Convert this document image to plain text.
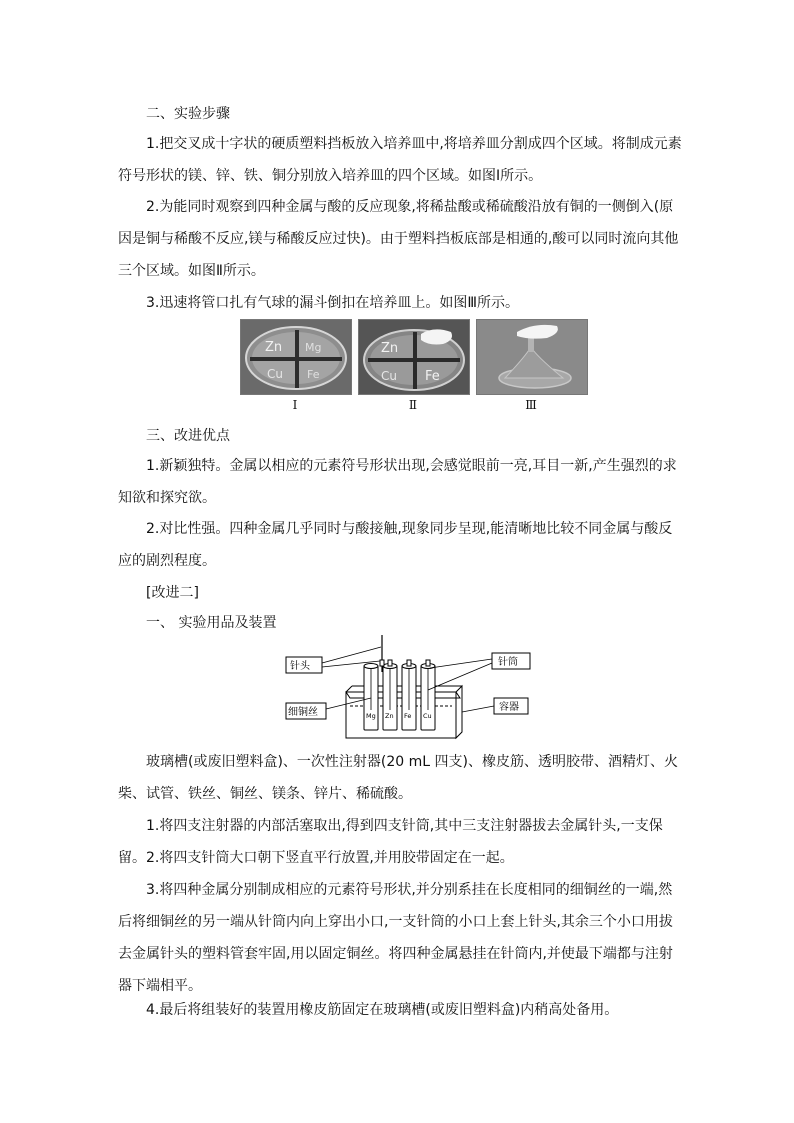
二、实验步骤

1.把交叉成十字状的硬质塑料挡板放入培养皿中,将培养皿分割成四个区域。将制成元素符号形状的镁、锌、铁、铜分别放入培养皿的四个区域。如图Ⅰ所示。

2.为能同时观察到四种金属与酸的反应现象,将稀盐酸或稀硫酸沿放有铜的一侧倒入(原因是铜与稀酸不反应,镁与稀酸反应过快)。由于塑料挡板底部是相通的,酸可以同时流向其他三个区域。如图Ⅱ所示。

3.迅速将管口扎有气球的漏斗倒扣在培养皿上。如图Ⅲ所示。

Zn
Cu
Mg
Fe
Ⅰ
Zn
Cu Fe
Ⅱ	Ⅲ

三、改进优点

1.新颖独特。金属以相应的元素符号形状出现,会感觉眼前一亮,耳目一新,产生强烈的求知欲和探究欲。

2.对比性强。四种金属几乎同时与酸接触,现象同步呈现,能清晰地比较不同金属与酸反应的剧烈程度。

[改进二]

一、 实验用品及装置

Mg Zn Fe Cu
针头	针筒
细铜丝	容器

玻璃槽(或废旧塑料盒)、一次性注射器(20 mL 四支)、橡皮筋、透明胶带、酒精灯、火柴、试管、铁丝、铜丝、镁条、锌片、稀硫酸。

1.将四支注射器的内部活塞取出,得到四支针筒,其中三支注射器拔去金属针头,一支保留。 2.将四支针筒大口朝下竖直平行放置,并用胶带固定在一起。

3.将四种金属分别制成相应的元素符号形状,并分别系挂在长度相同的细铜丝的一端,然后将细铜丝的另一端从针筒内向上穿出小口,一支针筒的小口上套上针头,其余三个小口用拔去金属针头的塑料管套牢固,用以固定铜丝。将四种金属悬挂在针筒内,并使最下端都与注射器下端相平。

4.最后将组装好的装置用橡皮筋固定在玻璃槽(或废旧塑料盒)内稍高处备用。
